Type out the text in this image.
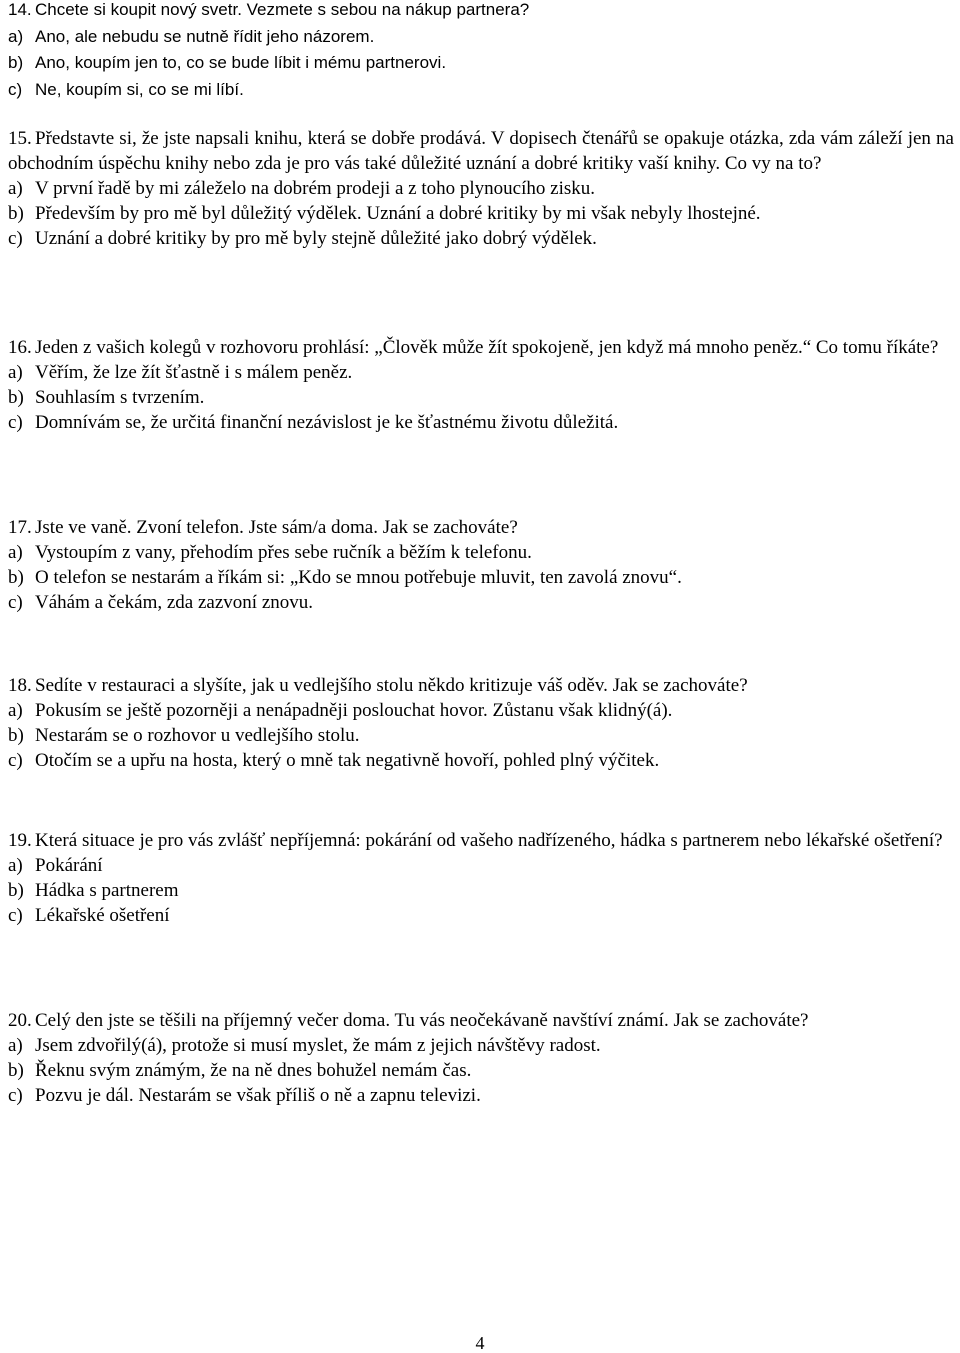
14. Chcete si koupit nový svetr. Vezmete s sebou na nákup partnera?
a) Ano, ale nebudu se nutně řídit jeho názorem.
b) Ano, koupím jen to, co se bude líbit i mému partnerovi.
c) Ne, koupím si, co se mi líbí.
15. Představte si, že jste napsali knihu, která se dobře prodává. V dopisech čtenářů se opakuje otázka, zda vám záleží jen na obchodním úspěchu knihy nebo zda je pro vás také důležité uznání a dobré kritiky vaší knihy. Co vy na to?
a) V první řadě by mi záleželo na dobrém prodeji a z toho plynoucího zisku.
b) Především by pro mě byl důležitý výdělek. Uznání a dobré kritiky by mi však nebyly lhostejné.
c) Uznání a dobré kritiky by pro mě byly stejně důležité jako dobrý výdělek.
16. Jeden z vašich kolegů v rozhovoru prohlásí: „Člověk může žít spokojeně, jen když má mnoho peněz.“ Co tomu říkáte?
a) Věřím, že lze žít šťastně i s málem peněz.
b) Souhlasím s tvrzením.
c) Domnívám se, že určitá finanční nezávislost je ke šťastnému životu důležitá.
17. Jste ve vaně. Zvoní telefon. Jste sám/a doma. Jak se zachováte?
a) Vystoupím z vany, přehodím přes sebe ručník a běžím k telefonu.
b) O telefon se nestarám a říkám si: „Kdo se mnou potřebuje mluvit, ten zavolá znovu“.
c) Váhám a čekám, zda zazvoní znovu.
18. Sedíte v restauraci a slyšíte, jak u vedlejšího stolu někdo kritizuje váš oděv. Jak se zachováte?
a) Pokusím se ještě pozorněji a nenápadněji poslouchat hovor. Zůstanu však klidný(á).
b) Nestarám se o rozhovor u vedlejšího stolu.
c) Otočím se a upřu na hosta, který o mně tak negativně hovoří, pohled plný výčitek.
19. Která situace je pro vás zvlášť nepříjemná: pokárání od vašeho nadřízeného, hádka s partnerem nebo lékařské ošetření?
a) Pokárání
b) Hádka s partnerem
c) Lékařské ošetření
20. Celý den jste se těšili na příjemný večer doma. Tu vás neočekávaně navštíví známí. Jak se zachováte?
a) Jsem zdvořilý(á), protože si musí myslet, že mám z jejich návštěvy radost.
b) Řeknu svým známým, že na ně dnes bohužel nemám čas.
c) Pozvu je dál. Nestarám se však příliš o ně a zapnu televizi.
4
